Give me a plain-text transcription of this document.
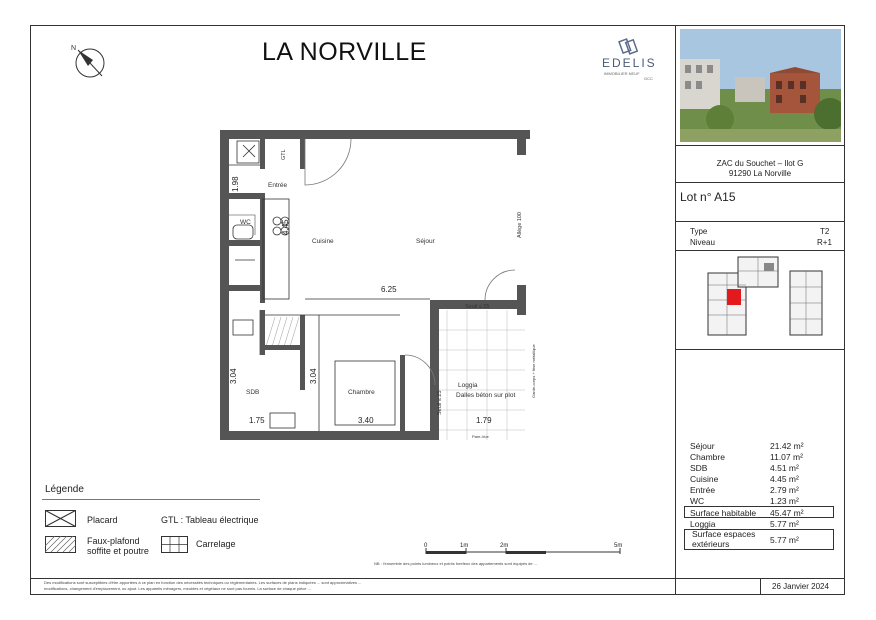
N	LA NORVILLE	EDELIS
IMMOBILIER NEUF
GCC
ZAC du Souchet – Ilot G
91290 La Norville
Lot n° A15
Type	T2
Niveau	R+1
Séjour	21.42 m²
Chambre	11.07 m²
SDB	4.51 m²
Cuisine	4.45 m²
Entrée	2.79 m²
WC	1.23 m²
Surface habitable 45.47 m²
Loggia	5.77 m²
Surface espaces extérieurs	5.77 m²
Entrée
WC
Cuisine	Séjour
SDB	Chambre
Loggia
Dalles béton sur plot
GTL
Allège 100
Seuil ≤ 25
Seuil ≤ 25
Garde-corps + frise métallique
Pare-Vue
1.98
4.45
6.25
3.04	3.04
1.75	3.40	1.79
Légende
Placard	GTL : Tableau électrique
Faux-plafond
soffite et poutre
Carrelage	0	1m	2m	5m
NB : l'ensemble des points lumineux et points forefeux des appartements sont équipés de ...
Des modifications sont susceptibles d'être apportées à ce plan en fonction des nécessités techniques ou réglementaires. Les surfaces de plans indiquées ... sont approximatives ...
modifications, changement d'emplacement, ou ajout. Les appareils ménagers, meubles et végétaux ne sont pas fournis. La surface de chaque pièce ...	26 Janvier 2024
